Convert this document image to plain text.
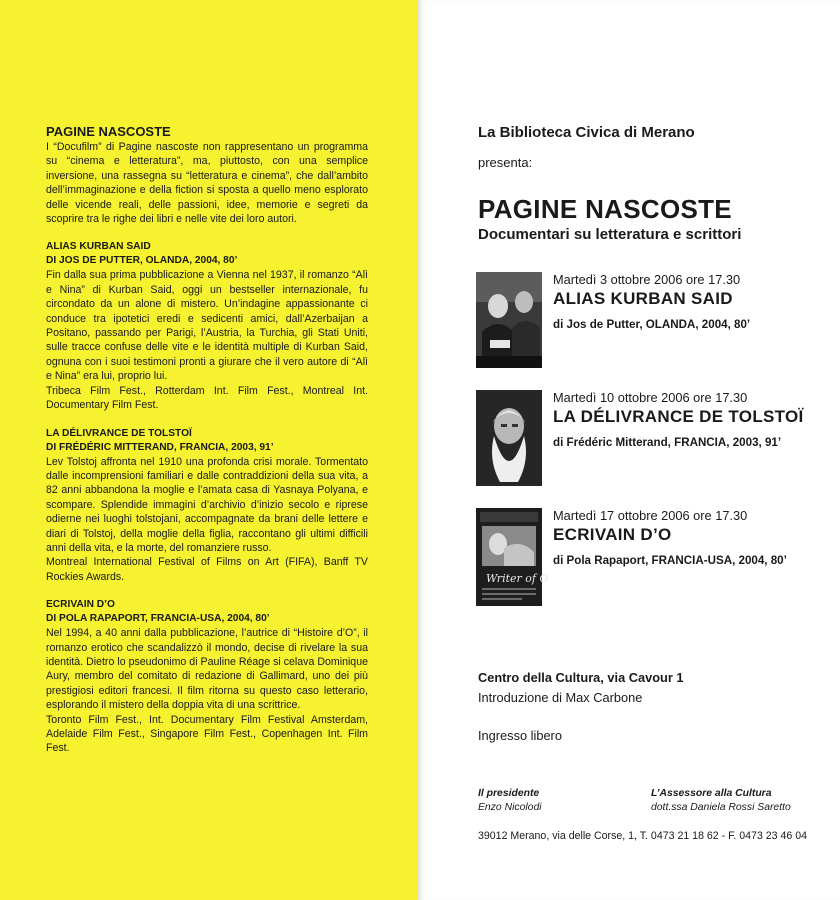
PAGINE NASCOSTE

I “Docufilm” di Pagine nascoste non rappresentano un programma su “cinema e letteratura”, ma, piuttosto, con una semplice inversione, una rassegna su “letteratura e cinema”, che dall’ambito dell’immaginazione e della fiction si sposta a quello meno esplorato delle vicende reali, delle passioni, idee, memorie e segreti da scoprire tra le righe dei libri e nelle vite dei loro autori.

ALIAS KURBAN SAID
DI JOS DE PUTTER, OLANDA, 2004, 80’

Fin dalla sua prima pubblicazione a Vienna nel 1937, il romanzo “Alì e Nina” di Kurban Said, oggi un bestseller internazionale, fu circondato da un alone di mistero. Un’indagine appassionante ci conduce tra ipotetici eredi e sedicenti amici, dall’Azerbaijan a Positano, passando per Parigi, l’Austria, la Turchia, gli Stati Uniti, sulle tracce confuse delle vite e le identità multiple di Kurban Said, ognuna con i suoi testimoni pronti a giurare che il vero autore di “Alì e Nina” era lui, proprio lui.

Tribeca Film Fest., Rotterdam Int. Film Fest., Montreal Int. Documentary Film Fest.

LA DÉLIVRANCE DE TOLSTOÏ
DI FRÉDÉRIC MITTERAND, FRANCIA, 2003, 91’

Lev Tolstoj affronta nel 1910 una profonda crisi morale. Tormentato dalle incomprensioni familiari e dalle contraddizioni della sua vita, a 82 anni abbandona la moglie e l’amata casa di Yasnaya Polyana, e scompare. Splendide immagini d’archivio d’inizio secolo e riprese odierne nei luoghi tolstojani, accompagnate da brani delle lettere e diari di Tolstoj, della moglie della figlia, raccontano gli ultimi difficili anni della vita, e la morte, del romanziere russo.

Montreal International Festival of Films on Art (FIFA), Banff TV Rockies Awards.

ECRIVAIN D’O
DI POLA RAPAPORT, FRANCIA-USA, 2004, 80’

Nel 1994, a 40 anni dalla pubblicazione, l’autrice di “Histoire d’O”, il romanzo erotico che scandalizzò il mondo, decise di rivelare la sua identità. Dietro lo pseudonimo di Pauline Réage si celava Dominique Aury, membro del comitato di redazione di Gallimard, uno dei più prestigiosi editori francesi. Il film ritorna su questo caso letterario, esplorando il mistero della doppia vita di una scrittrice.

Toronto Film Fest., Int. Documentary Film Festival Amsterdam, Adelaide Film Fest., Singapore Film Fest., Copenhagen Int. Film Fest.

La Biblioteca Civica di Merano
presenta:
PAGINE NASCOSTE
Documentari su letteratura e scrittori
Martedì 3 ottobre 2006 ore 17.30
ALIAS KURBAN SAID
di Jos de Putter, OLANDA, 2004, 80’
Martedì 10 ottobre 2006 ore 17.30
LA DÉLIVRANCE DE TOLSTOÏ
di Frédéric Mitterand, FRANCIA, 2003, 91’
Writer of O
Martedì 17 ottobre 2006 ore 17.30
ECRIVAIN D’O
di Pola Rapaport, FRANCIA-USA, 2004, 80’
Centro della Cultura, via Cavour 1
Introduzione di Max Carbone
Ingresso libero
Il presidente
Enzo Nicolodi
L’Assessore alla Cultura
dott.ssa Daniela Rossi Saretto
39012 Merano, via delle Corse, 1, T. 0473 21 18 62 - F. 0473 23 46 04
